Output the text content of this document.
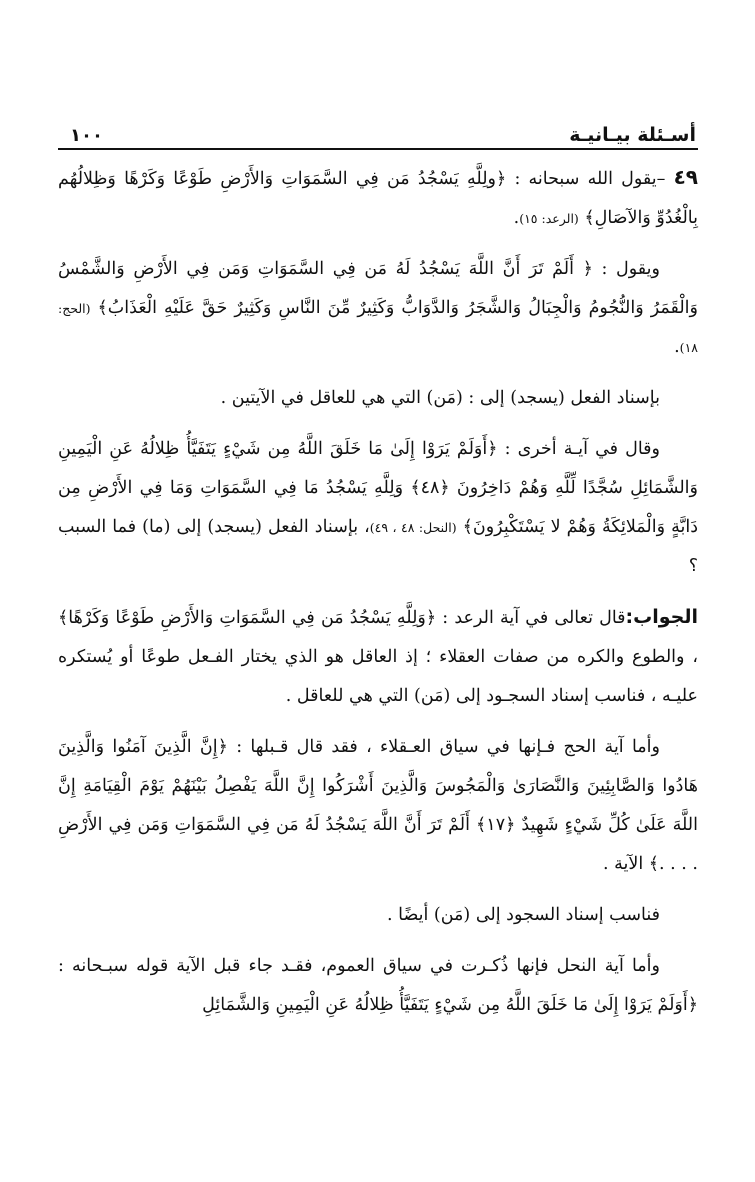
أسـئلة بيـانيـة
١٠٠

٤٩ –يقول الله سبحانه : ﴿ولِلَّهِ يَسْجُدُ مَن فِي السَّمَوَاتِ وَالأَرْضِ طَوْعًا وَكَرْهًا وَظِلالُهُم بِالْغُدُوِّ وَالآصَالِ﴾ (الرعد: ١٥).

ويقول : ﴿ أَلَمْ تَرَ أَنَّ اللَّهَ يَسْجُدُ لَهُ مَن فِي السَّمَوَاتِ وَمَن فِي الأَرْضِ وَالشَّمْسُ وَالْقَمَرُ وَالنُّجُومُ وَالْجِبَالُ وَالشَّجَرُ وَالدَّوَابُّ وَكَثِيرٌ مِّنَ النَّاسِ وَكَثِيرٌ حَقَّ عَلَيْهِ الْعَذَابُ﴾ (الحج: ١٨).

بإسناد الفعل (يسجد) إلى : (مَن) التي هي للعاقل في الآيتين .

وقال في آيـة أخرى : ﴿أَوَلَمْ يَرَوْا إِلَىٰ مَا خَلَقَ اللَّهُ مِن شَيْءٍ يَتَفَيَّأُ ظِلالُهُ عَنِ الْيَمِينِ وَالشَّمَائِلِ سُجَّدًا لِّلَّهِ وَهُمْ دَاخِرُونَ ﴿٤٨﴾ وَلِلَّهِ يَسْجُدُ مَا فِي السَّمَوَاتِ وَمَا فِي الأَرْضِ مِن دَابَّةٍ وَالْمَلائِكَةُ وَهُمْ لا يَسْتَكْبِرُونَ﴾ (النحل: ٤٨ ، ٤٩)، بإسناد الفعل (يسجد) إلى (ما) فما السبب ؟

الجواب:قال تعالى في آية الرعد : ﴿وَلِلَّهِ يَسْجُدُ مَن فِي السَّمَوَاتِ وَالأَرْضِ طَوْعًا وَكَرْهًا﴾ ، والطوع والكره من صفات العقلاء ؛ إذ العاقل هو الذي يختار الفـعل طوعًا أو يُستكره عليـه ، فناسب إسناد السجـود إلى (مَن) التي هي للعاقل .

وأما آية الحج فـإنها في سياق العـقلاء ، فقد قال قـبلها : ﴿إِنَّ الَّذِينَ آمَنُوا وَالَّذِينَ هَادُوا وَالصَّابِئِينَ وَالنَّصَارَىٰ وَالْمَجُوسَ وَالَّذِينَ أَشْرَكُوا إِنَّ اللَّهَ يَفْصِلُ بَيْنَهُمْ يَوْمَ الْقِيَامَةِ إِنَّ اللَّهَ عَلَىٰ كُلِّ شَيْءٍ شَهِيدٌ ﴿١٧﴾ أَلَمْ تَرَ أَنَّ اللَّهَ يَسْجُدُ لَهُ مَن فِي السَّمَوَاتِ وَمَن فِي الأَرْضِ . . . .﴾ الآية .

فناسب إسناد السجود إلى (مَن) أيضًا .

وأما آية النحل فإنها ذُكـرت في سياق العموم، فقـد جاء قبل الآية قوله سبـحانه : ﴿أَوَلَمْ يَرَوْا إِلَىٰ مَا خَلَقَ اللَّهُ مِن شَيْءٍ يَتَفَيَّأُ ظِلالُهُ عَنِ الْيَمِينِ وَالشَّمَائِلِ
